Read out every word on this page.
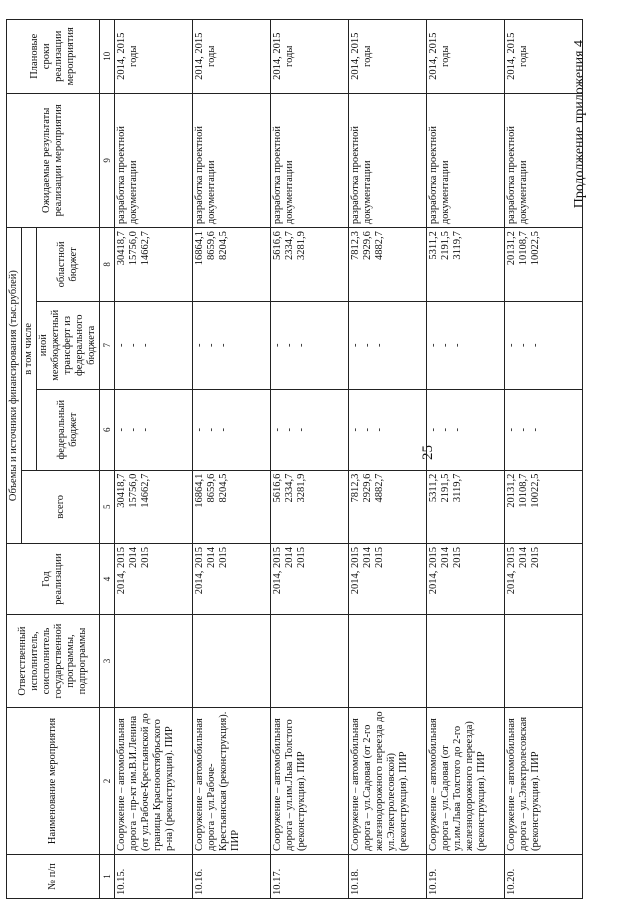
Продолжение приложения 4
25
№ п/п	Наименование мероприятия	Ответственный исполнитель, соисполнитель государственной программы, подпрограммы	Год реализации	Объемы и источники финансирования (тыс.рублей)				Ожидаемые результаты реализации мероприятия	Плановые сроки реализации мероприятия
				всего	в том числе				
					федеральный бюджет	иной межбюджетный трансферт из федерального бюджета	областной бюджет		
1	2	3	4	5	6	7	8	9	10
10.15.	Сооружение – автомобильная дорога – пр-кт им.В.И.Ленина (от ул.Рабоче-Крестьянской до границы Краснооктябрьского р-на) (реконструкция). ПИР		2014, 2015 2014 2015	30418,7 15756,0 14662,7	- - -	- - -	30418,7 15756,0 14662,7	разработка проектной документации	2014, 2015 годы
10.16.	Сооружение – автомобильная дорога – ул.Рабоче-Крестьянская (реконструкция). ПИР		2014, 2015 2014 2015	16864,1 8659,6 8204,5	- - -	- - -	16864,1 8659,6 8204,5	разработка проектной документации	2014, 2015 годы
10.17.	Сооружение – автомобильная дорога – ул.им.Льва Толстого (реконструкция). ПИР		2014, 2015 2014 2015	5616,6 2334,7 3281,9	- - -	- - -	5616,6 2334,7 3281,9	разработка проектной документации	2014, 2015 годы
10.18.	Сооружение – автомобильная дорога – ул.Садовая (от 2-го железнодорожного переезда до ул.Электролесовской) (реконструкция). ПИР		2014, 2015 2014 2015	7812,3 2929,6 4882,7	- - -	- - -	7812,3 2929,6 4882,7	разработка проектной документации	2014, 2015 годы
10.19.	Сооружение – автомобильная дорога – ул.Садовая (от ул.им.Льва Толстого до 2-го железнодорожного переезда) (реконструкция). ПИР		2014, 2015 2014 2015	5311,2 2191,5 3119,7	- - -	- - -	5311,2 2191,5 3119,7	разработка проектной документации	2014, 2015 годы
10.20.	Сооружение – автомобильная дорога – ул.Электролесовская (реконструкция). ПИР		2014, 2015 2014 2015	20131,2 10108,7 10022,5	- - -	- - -	20131,2 10108,7 10022,5	разработка проектной документации	2014, 2015 годы
